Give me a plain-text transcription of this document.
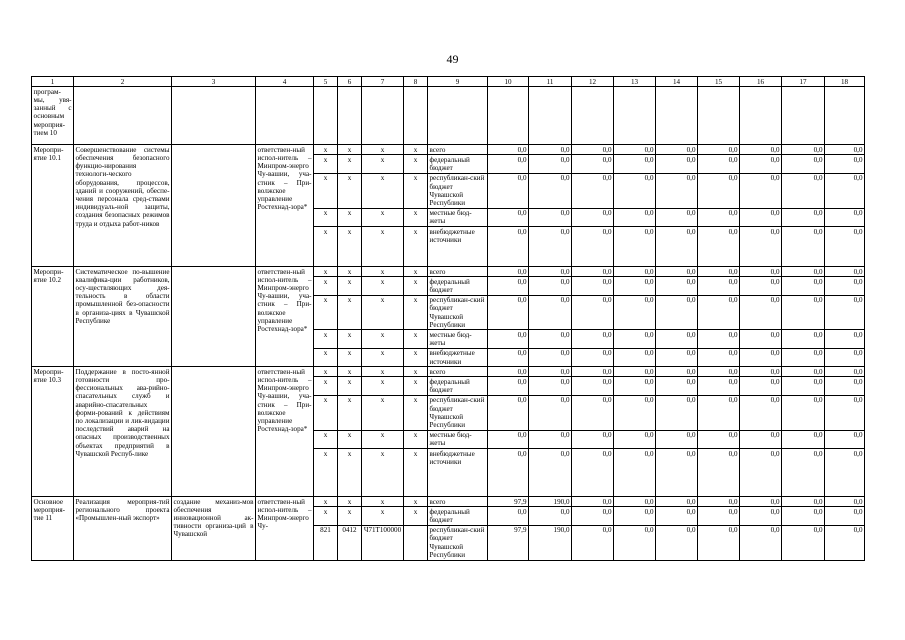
49
1	2	3	4	5	6	7	8	9	10	11	12	13	14	15	16	17	18
програм-мы, увя-занный с основным мероприя-тием 10																	
Меропри-ятие 10.1	Совершенствование системы обеспечения безопасного функцио-нирования технологи-ческого оборудования, процессов, зданий и сооружений, обеспе-чения персонала сред-ствами индивидуаль-ной защиты, создания безопасных режимов труда и отдыха работ-ников		ответствен-ный испол-нитель – Минпром-энерго Чу-вашии, уча-стник – При-волжское управление Ростехнад-зора*	x	x	x	x	всего	0,0	0,0	0,0	0,0	0,0	0,0	0,0	0,0	0,0
				x	x	x	x	федеральный бюджет	0,0	0,0	0,0	0,0	0,0	0,0	0,0	0,0	0,0
				x	x	x	x	республикан-ский бюджет Чувашской Республики	0,0	0,0	0,0	0,0	0,0	0,0	0,0	0,0	0,0
				x	x	x	x	местные бюд-жеты	0,0	0,0	0,0	0,0	0,0	0,0	0,0	0,0	0,0
				x	x	x	x	внебюджетные источники	0,0	0,0	0,0	0,0	0,0	0,0	0,0	0,0	0,0
Меропри-ятие 10.2	Систематическое по-вышение квалифика-ции работников, осу-ществляющих дея-тельность в области промышленной без-опасности в организа-циях в Чувашской Республике		ответствен-ный испол-нитель – Минпром-энерго Чу-вашии, уча-стник – При-волжское управление Ростехнад-зора*	x	x	x	x	всего	0,0	0,0	0,0	0,0	0,0	0,0	0,0	0,0	0,0
				x	x	x	x	федеральный бюджет	0,0	0,0	0,0	0,0	0,0	0,0	0,0	0,0	0,0
				x	x	x	x	республикан-ский бюджет Чувашской Республики	0,0	0,0	0,0	0,0	0,0	0,0	0,0	0,0	0,0
				x	x	x	x	местные бюд-жеты	0,0	0,0	0,0	0,0	0,0	0,0	0,0	0,0	0,0
				x	x	x	x	внебюджетные источники	0,0	0,0	0,0	0,0	0,0	0,0	0,0	0,0	0,0
Меропри-ятие 10.3	Поддержание в посто-янной готовности про-фессиональных ава-рийно-спасательных служб и аварийно-спасательных форми-рований к действиям по локализации и лик-видации последствий аварий на опасных производственных объектах предприятий в Чувашской Респуб-лике		ответствен-ный испол-нитель – Минпром-энерго Чу-вашии, уча-стник – При-волжское управление Ростехнад-зора*	x	x	x	x	всего	0,0	0,0	0,0	0,0	0,0	0,0	0,0	0,0	0,0
				x	x	x	x	федеральный бюджет	0,0	0,0	0,0	0,0	0,0	0,0	0,0	0,0	0,0
				x	x	x	x	республикан-ский бюджет Чувашской Республики	0,0	0,0	0,0	0,0	0,0	0,0	0,0	0,0	0,0
				x	x	x	x	местные бюд-жеты	0,0	0,0	0,0	0,0	0,0	0,0	0,0	0,0	0,0
				x	x	x	x	внебюджетные источники	0,0	0,0	0,0	0,0	0,0	0,0	0,0	0,0	0,0
Основное мероприя-тие 11	Реализация мероприя-тий регионального проекта «Промышлен-ный экспорт»	создание механиз-мов обеспечения инновационной ак-тивности организа-ций в Чувашской	ответствен-ный испол-нитель – Минпром-энерго Чу-	x	x	x	x	всего	97,9	190,0	0,0	0,0	0,0	0,0	0,0	0,0	0,0
				x	x	x	x	федеральный бюджет	0,0	0,0	0,0	0,0	0,0	0,0	0,0	0,0	0,0
				821	0412	Ч71Т100000		республикан-ский бюджет Чувашской Республики	97,9	190,0	0,0	0,0	0,0	0,0	0,0	0,0	0,0
